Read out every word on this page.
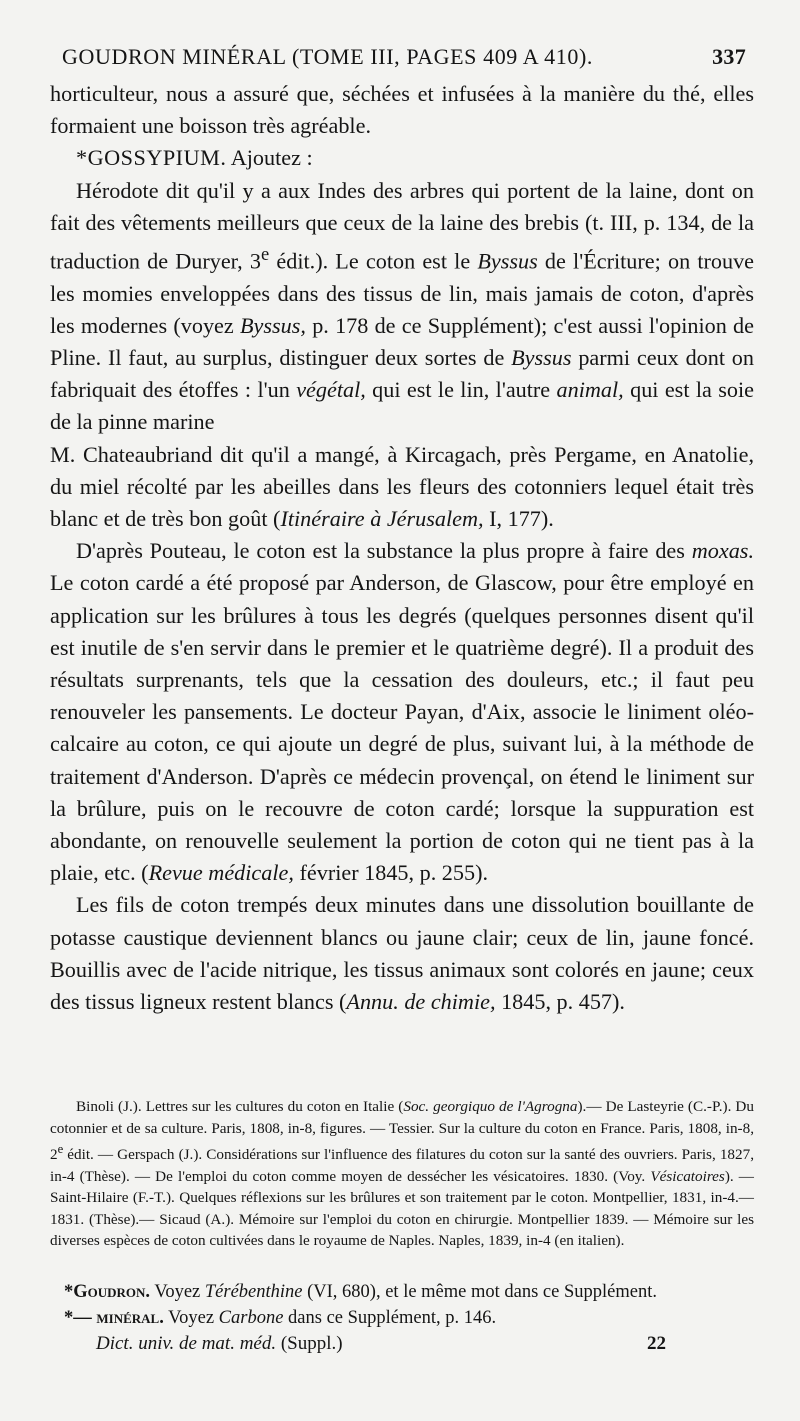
GOUDRON MINÉRAL (TOME III, PAGES 409 A 410).	337

horticulteur, nous a assuré que, séchées et infusées à la manière du thé, elles formaient une boisson très agréable.

*GOSSYPIUM. Ajoutez :

Hérodote dit qu'il y a aux Indes des arbres qui portent de la laine, dont on fait des vêtements meilleurs que ceux de la laine des brebis (t. III, p. 134, de la traduction de Duryer, 3e édit.). Le coton est le Byssus de l'Écriture; on trouve les momies enveloppées dans des tissus de lin, mais jamais de coton, d'après les modernes (voyez Byssus, p. 178 de ce Supplément); c'est aussi l'opinion de Pline. Il faut, au surplus, distinguer deux sortes de Byssus parmi ceux dont on fabriquait des étoffes : l'un végétal, qui est le lin, l'autre animal, qui est la soie de la pinne marine

M. Chateaubriand dit qu'il a mangé, à Kircagach, près Pergame, en Anatolie, du miel récolté par les abeilles dans les fleurs des cotonniers lequel était très blanc et de très bon goût (Itinéraire à Jérusalem, I, 177).

D'après Pouteau, le coton est la substance la plus propre à faire des moxas. Le coton cardé a été proposé par Anderson, de Glascow, pour être employé en application sur les brûlures à tous les degrés (quelques personnes disent qu'il est inutile de s'en servir dans le premier et le quatrième degré). Il a produit des résultats surprenants, tels que la cessation des douleurs, etc.; il faut peu renouveler les pansements. Le docteur Payan, d'Aix, associe le liniment oléo-calcaire au coton, ce qui ajoute un degré de plus, suivant lui, à la méthode de traitement d'Anderson. D'après ce médecin provençal, on étend le liniment sur la brûlure, puis on le recouvre de coton cardé; lorsque la suppuration est abondante, on renouvelle seulement la portion de coton qui ne tient pas à la plaie, etc. (Revue médicale, février 1845, p. 255).

Les fils de coton trempés deux minutes dans une dissolution bouillante de potasse caustique deviennent blancs ou jaune clair; ceux de lin, jaune foncé. Bouillis avec de l'acide nitrique, les tissus animaux sont colorés en jaune; ceux des tissus ligneux restent blancs (Annu. de chimie, 1845, p. 457).

Binoli (J.). Lettres sur les cultures du coton en Italie (Soc. georgiquo de l'Agrogna).— De Lasteyrie (C.-P.). Du cotonnier et de sa culture. Paris, 1808, in-8, figures. — Tessier. Sur la culture du coton en France. Paris, 1808, in-8, 2e édit. — Gerspach (J.). Considérations sur l'influence des filatures du coton sur la santé des ouvriers. Paris, 1827, in-4 (Thèse). — De l'emploi du coton comme moyen de dessécher les vésicatoires. 1830. (Voy. Vésicatoires). — Saint-Hilaire (F.-T.). Quelques réflexions sur les brûlures et son traitement par le coton. Montpellier, 1831, in-4.— 1831. (Thèse).— Sicaud (A.). Mémoire sur l'emploi du coton en chirurgie. Montpellier 1839. — Mémoire sur les diverses espèces de coton cultivées dans le royaume de Naples. Naples, 1839, in-4 (en italien).

*Goudron. Voyez Térébenthine (VI, 680), et le même mot dans ce Supplément.

*— minéral. Voyez Carbone dans ce Supplément, p. 146.

Dict. univ. de mat. méd. (Suppl.)	22
